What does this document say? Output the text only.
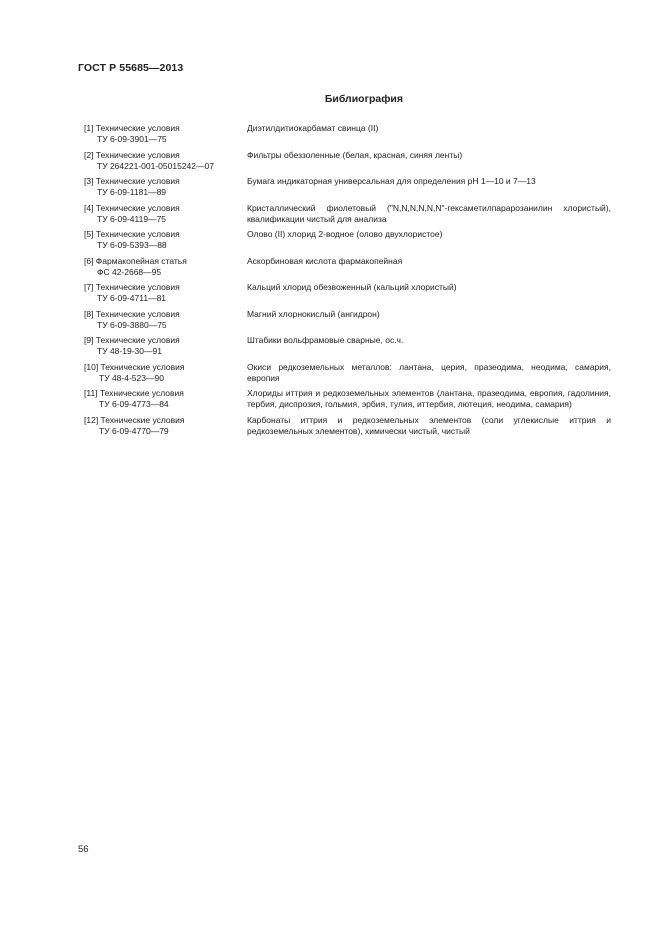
ГОСТ Р 55685—2013
Библиография
[1] Технические условия
ТУ 6-09-3901—75
Диэтилдитиокарбамат свинца (II)
[2] Технические условия
ТУ 264221-001-05015242—07
Фильтры обеззоленные (белая, красная, синяя ленты)
[3] Технические условия
ТУ 6-09-1181—89
Бумага индикаторная универсальная для определения pH 1—10 и 7—13
[4] Технические условия
ТУ 6-09-4119—75
Кристаллический фиолетовый ("N,N,N,N,N,N"-гексаметилпарарозанилин хлористый), квалификации чистый для анализа
[5] Технические условия
ТУ 6-09-5393—88
Олово (II) хлорид 2-водное (олово двухлористое)
[6] Фармакопейная статья
ФС 42-2668—95
Аскорбиновая кислота фармакопейная
[7] Технические условия
ТУ 6-09-4711—81
Кальций хлорид обезвоженный (кальций хлористый)
[8] Технические условия
ТУ 6-09-3880—75
Магний хлорнокислый (ангидрон)
[9] Технические условия
ТУ 48-19-30—91
Штабики вольфрамовые сварные, ос.ч.
[10] Технические условия
ТУ 48-4-523—90
Окиси редкоземельных металлов: лантана, церия, празеодима, неодима, самария, европия
[11] Технические условия
ТУ 6-09-4773—84
Хлориды иттрия и редкоземельных элементов (лантана, празеодима, европия, гадолиния, тербия, диспрозия, гольмия, эрбия, тулия, иттербия, лютеция, неодима, самария)
[12] Технические условия
ТУ 6-09-4770—79
Карбонаты иттрия и редкоземельных элементов (соли углекислые иттрия и редкоземельных элементов), химически чистый, чистый
56
